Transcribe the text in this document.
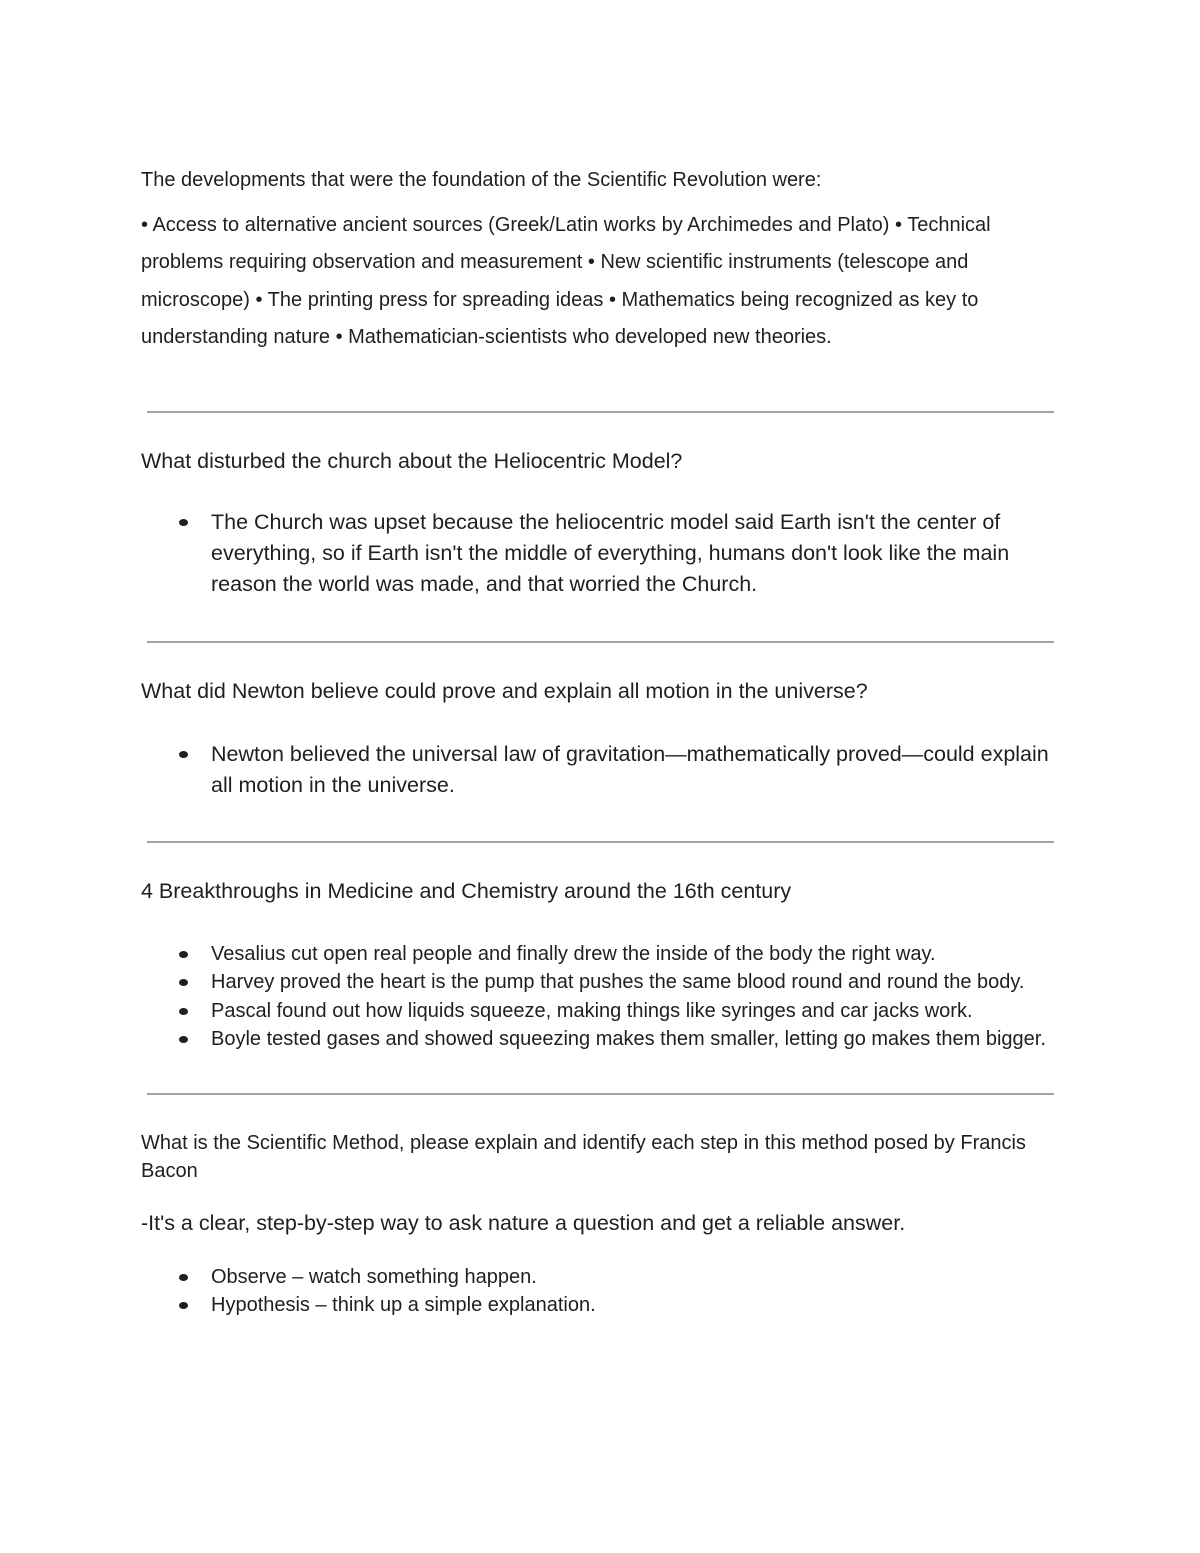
The developments that were the foundation of the Scientific Revolution were:

• Access to alternative ancient sources (Greek/Latin works by Archimedes and Plato) • Technical problems requiring observation and measurement • New scientific instruments (telescope and microscope) • The printing press for spreading ideas • Mathematics being recognized as key to understanding nature • Mathematician-scientists who developed new theories.

What disturbed the church about the Heliocentric Model?

The Church was upset because the heliocentric model said Earth isn't the center of everything, so if Earth isn't the middle of everything, humans don't look like the main reason the world was made, and that worried the Church.

What did Newton believe could prove and explain all motion in the universe?

Newton believed the universal law of gravitation—mathematically proved—could explain all motion in the universe.

4 Breakthroughs in Medicine and Chemistry around the 16th century

Vesalius cut open real people and finally drew the inside of the body the right way.
Harvey proved the heart is the pump that pushes the same blood round and round the body.
Pascal found out how liquids squeeze, making things like syringes and car jacks work.
Boyle tested gases and showed squeezing makes them smaller, letting go makes them bigger.

What is the Scientific Method, please explain and identify each step in this method posed by Francis Bacon

-It's a clear, step-by-step way to ask nature a question and get a reliable answer.

Observe – watch something happen.
Hypothesis – think up a simple explanation.
